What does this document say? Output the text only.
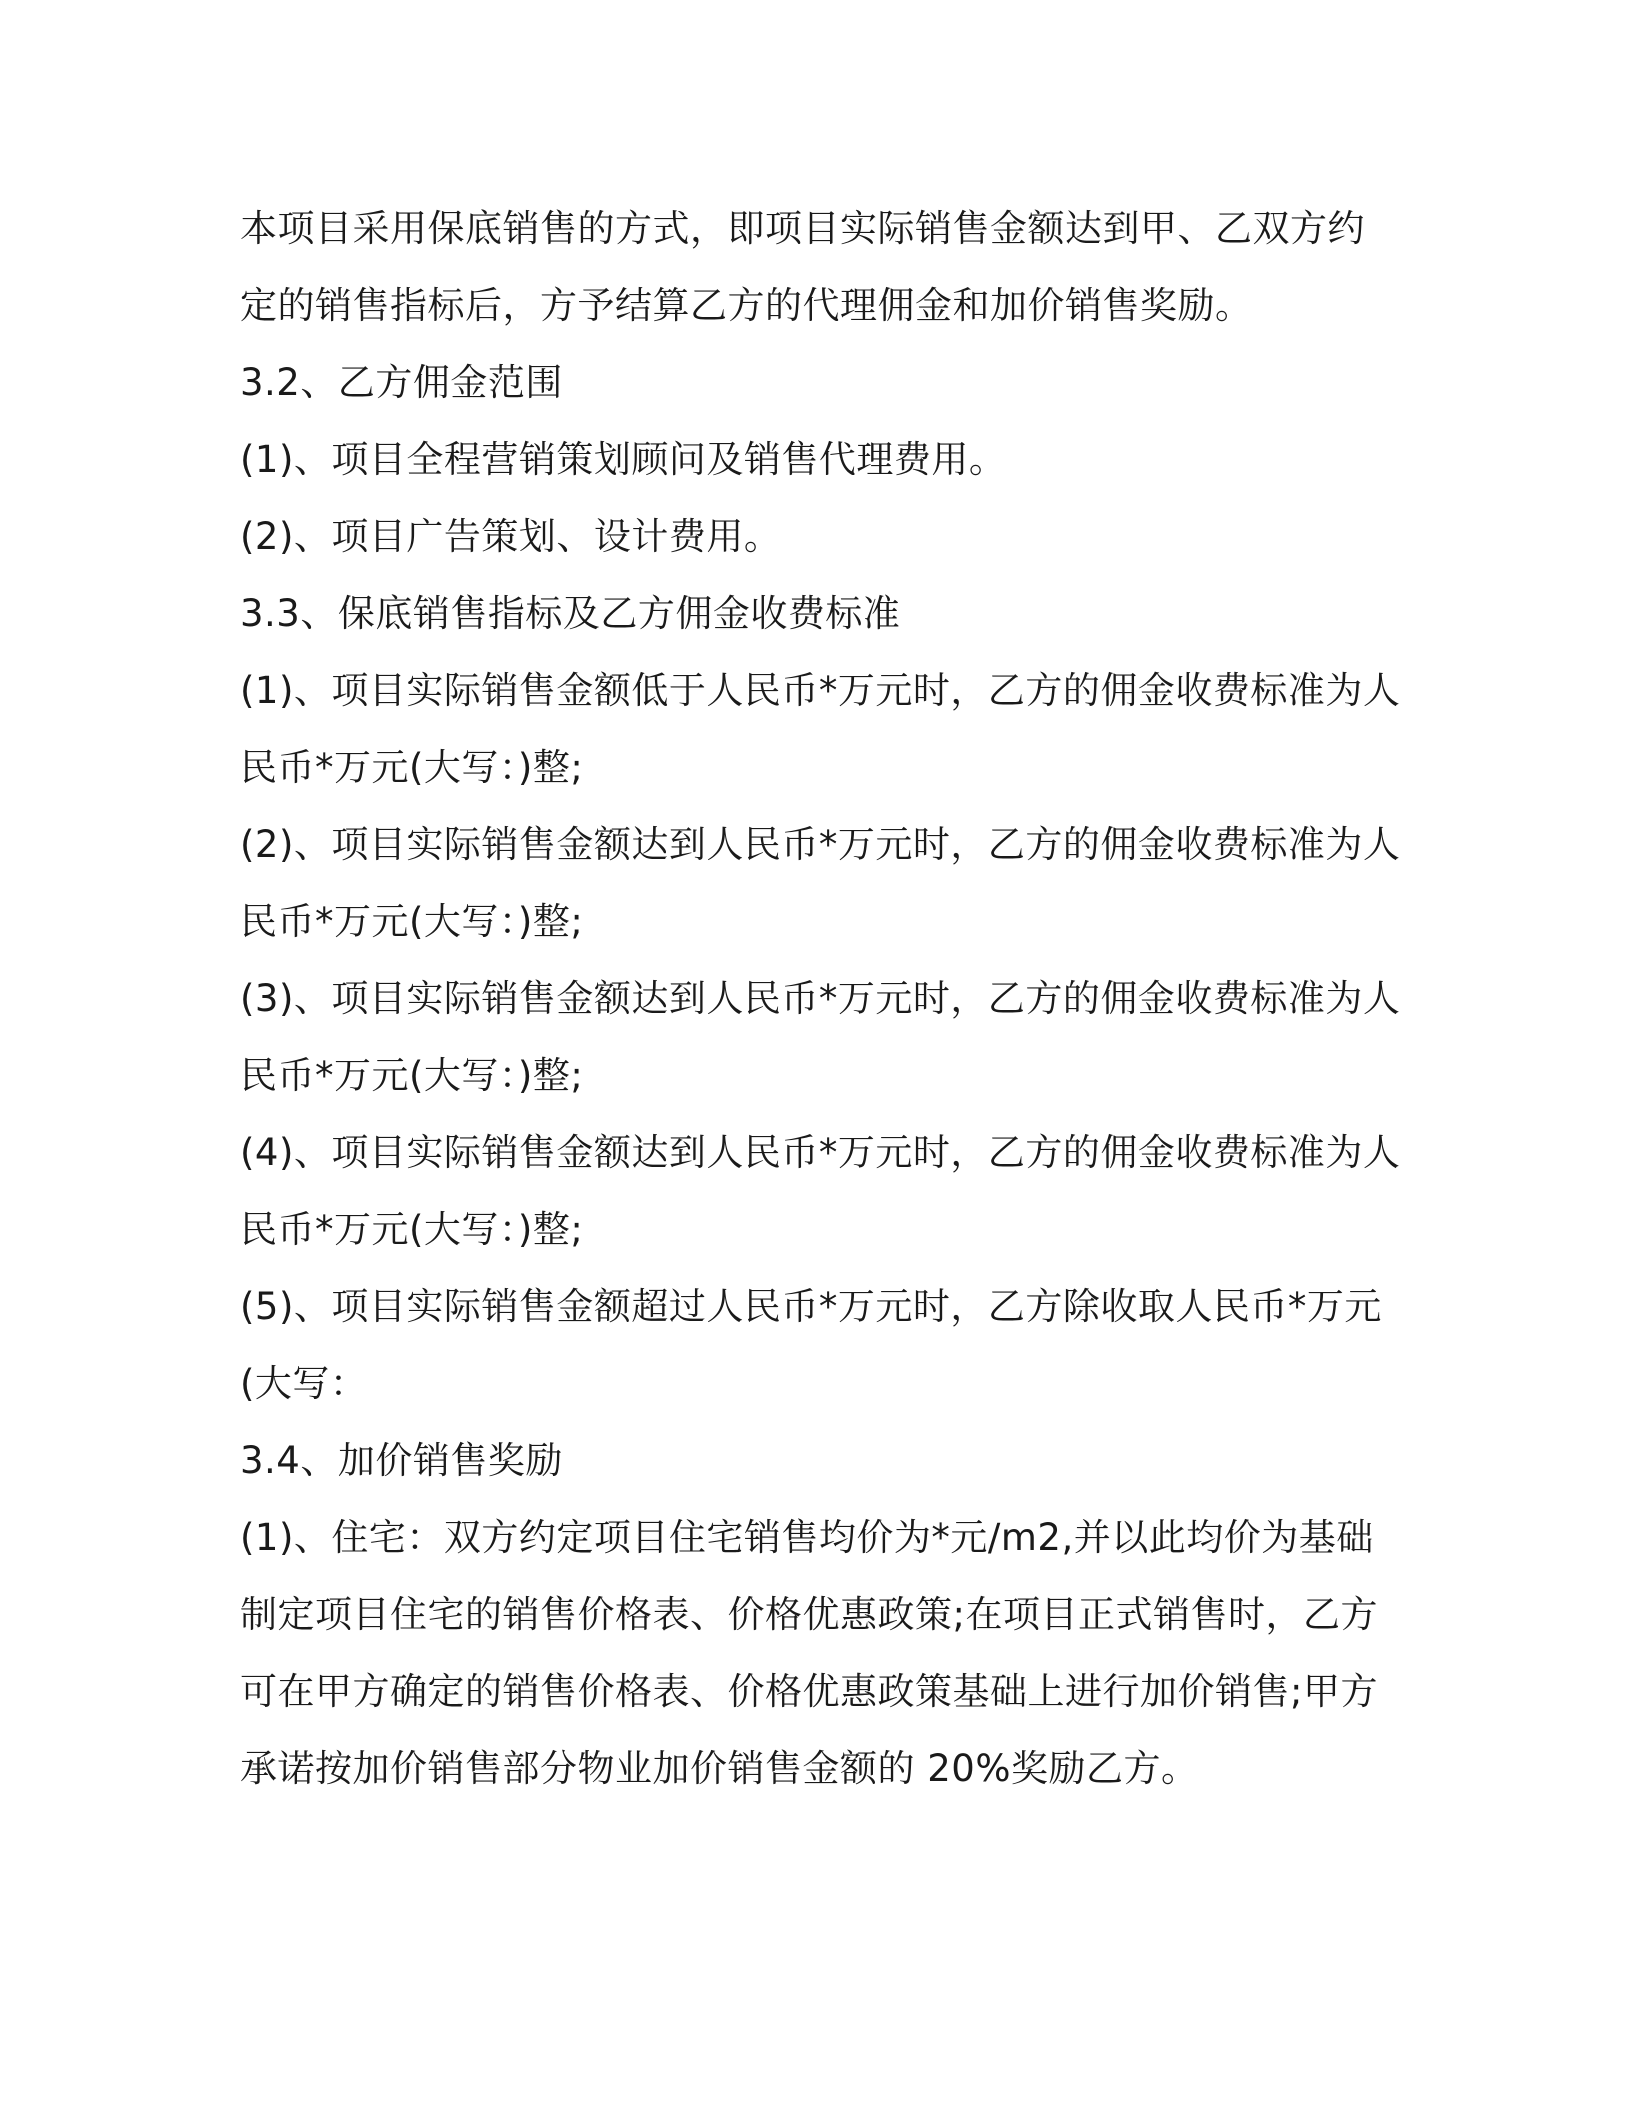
本项目采用保底销售的方式，即项目实际销售金额达到甲、乙双方约

定的销售指标后，方予结算乙方的代理佣金和加价销售奖励。

3.2、乙方佣金范围

(1)、项目全程营销策划顾问及销售代理费用。

(2)、项目广告策划、设计费用。

3.3、保底销售指标及乙方佣金收费标准

(1)、项目实际销售金额低于人民币*万元时，乙方的佣金收费标准为人

民币*万元(大写：)整;

(2)、项目实际销售金额达到人民币*万元时，乙方的佣金收费标准为人

民币*万元(大写：)整;

(3)、项目实际销售金额达到人民币*万元时，乙方的佣金收费标准为人

民币*万元(大写：)整;

(4)、项目实际销售金额达到人民币*万元时，乙方的佣金收费标准为人

民币*万元(大写：)整;

(5)、项目实际销售金额超过人民币*万元时，乙方除收取人民币*万元

(大写：

3.4、加价销售奖励

(1)、住宅：双方约定项目住宅销售均价为*元/m2,并以此均价为基础

制定项目住宅的销售价格表、价格优惠政策;在项目正式销售时，乙方

可在甲方确定的销售价格表、价格优惠政策基础上进行加价销售;甲方

承诺按加价销售部分物业加价销售金额的 20%奖励乙方。
